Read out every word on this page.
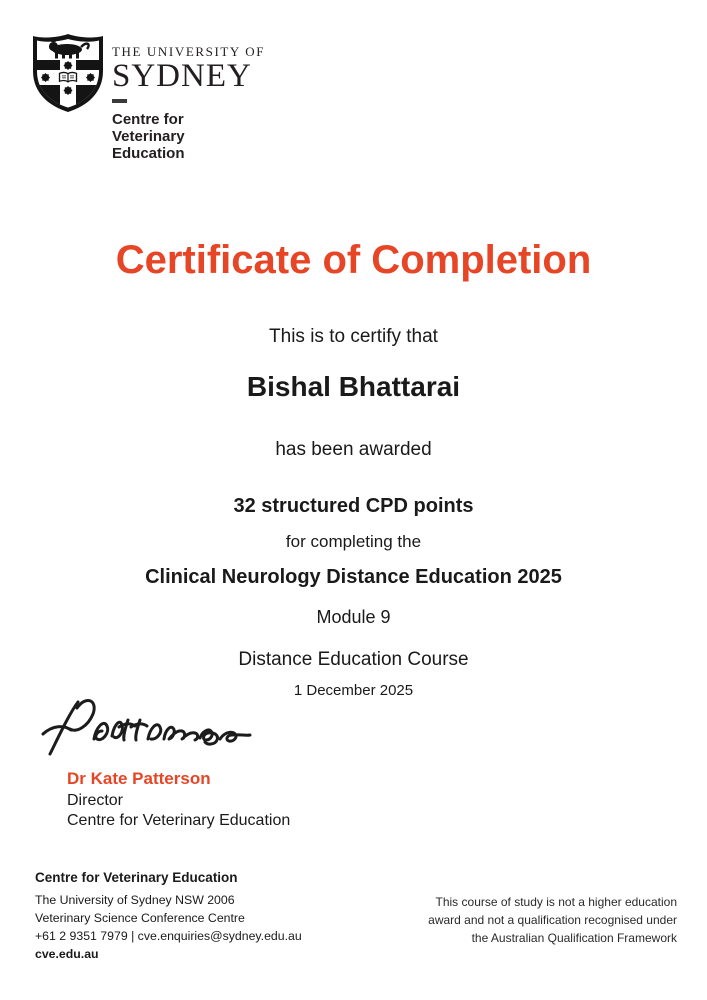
THE UNIVERSITY OF
SYDNEY
Centre for
Veterinary
Education
Certificate of Completion

This is to certify that

Bishal Bhattarai

has been awarded

32 structured CPD points

for completing the

Clinical Neurology Distance Education 2025

Module 9

Distance Education Course

1 December 2025

Dr Kate Patterson
Director
Centre for Veterinary Education
Centre for Veterinary Education
The University of Sydney NSW 2006
Veterinary Science Conference Centre
+61 2 9351 7979 | cve.enquiries@sydney.edu.au
cve.edu.au
This course of study is not a higher education
award and not a qualification recognised under
the Australian Qualification Framework
